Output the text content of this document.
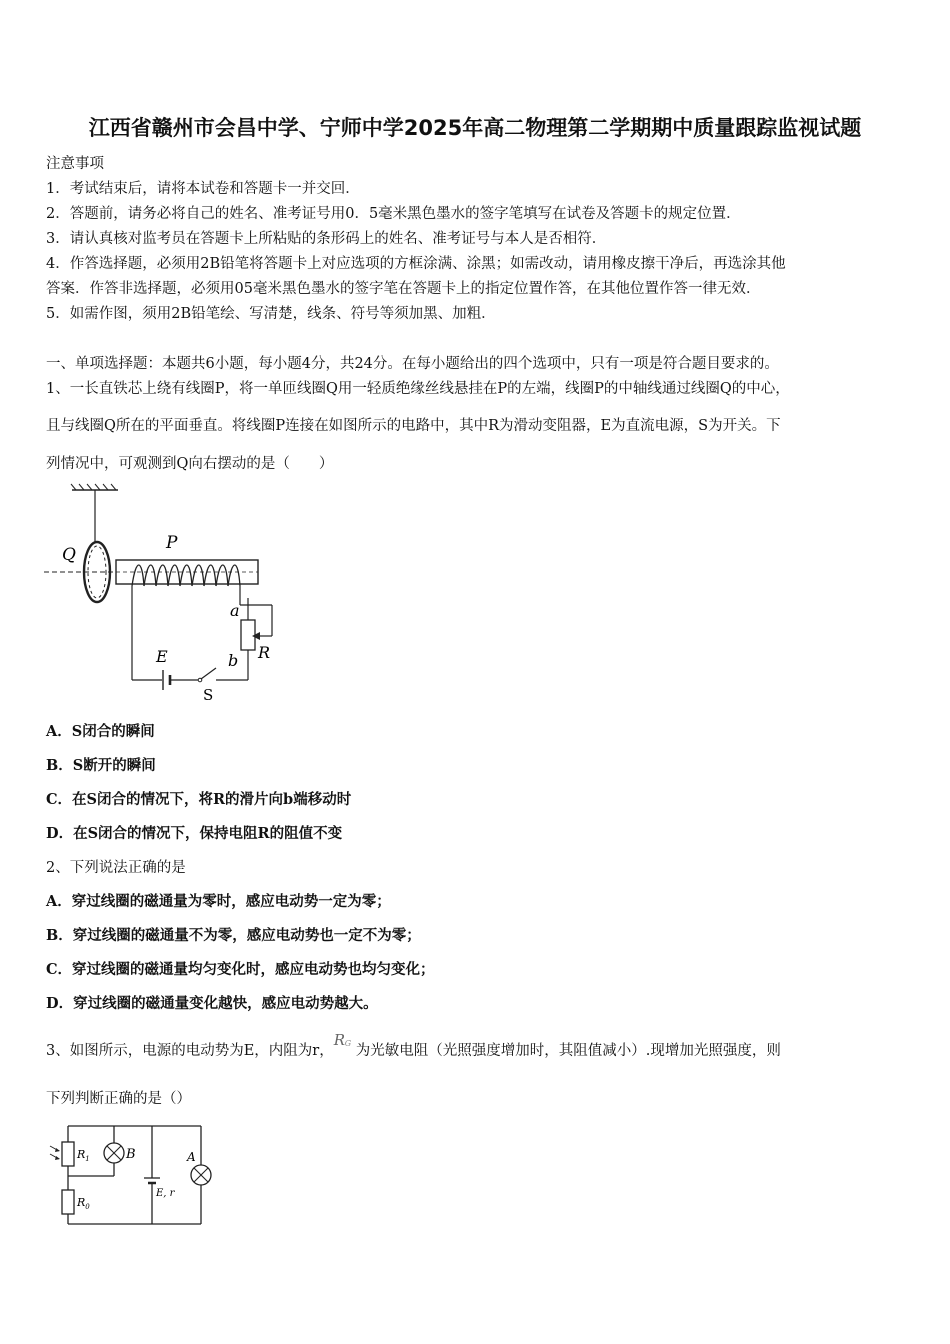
江西省赣州市会昌中学、宁师中学2025年高二物理第二学期期中质量跟踪监视试题
注意事项
1．考试结束后，请将本试卷和答题卡一并交回．
2．答题前，请务必将自己的姓名、准考证号用0．5毫米黑色墨水的签字笔填写在试卷及答题卡的规定位置．
3．请认真核对监考员在答题卡上所粘贴的条形码上的姓名、准考证号与本人是否相符．
4．作答选择题，必须用2B铅笔将答题卡上对应选项的方框涂满、涂黑；如需改动，请用橡皮擦干净后，再选涂其他
答案．作答非选择题，必须用05毫米黑色墨水的签字笔在答题卡上的指定位置作答，在其他位置作答一律无效．
5．如需作图，须用2B铅笔绘、写清楚，线条、符号等须加黑、加粗．
一、单项选择题：本题共6小题，每小题4分，共24分。在每小题给出的四个选项中，只有一项是符合题目要求的。
1、一长直铁芯上绕有线圈P，将一单匝线圈Q用一轻质绝缘丝线悬挂在P的左端，线圈P的中轴线通过线圈Q的中心，
且与线圈Q所在的平面垂直。将线圈P连接在如图所示的电路中，其中R为滑动变阻器，E为直流电源，S为开关。下
列情况中，可观测到Q向右摆动的是（　　）
Q
P
a
R
E	b
S
A．S闭合的瞬间
B．S断开的瞬间
C．在S闭合的情况下，将R的滑片向b端移动时
D．在S闭合的情况下，保持电阻R的阻值不变
2、下列说法正确的是
A．穿过线圈的磁通量为零时，感应电动势一定为零；
B．穿过线圈的磁通量不为零，感应电动势也一定不为零；
C．穿过线圈的磁通量均匀变化时，感应电动势也均匀变化；
D．穿过线圈的磁通量变化越快，感应电动势越大。
3、如图所示，电源的电动势为E，内阻为r，
R G 为光敏电阻（光照强度增加时，其阻值减小）.现增加光照强度，则
下列判断正确的是（）
$R_1$	B
$R_0$
A
E, r
